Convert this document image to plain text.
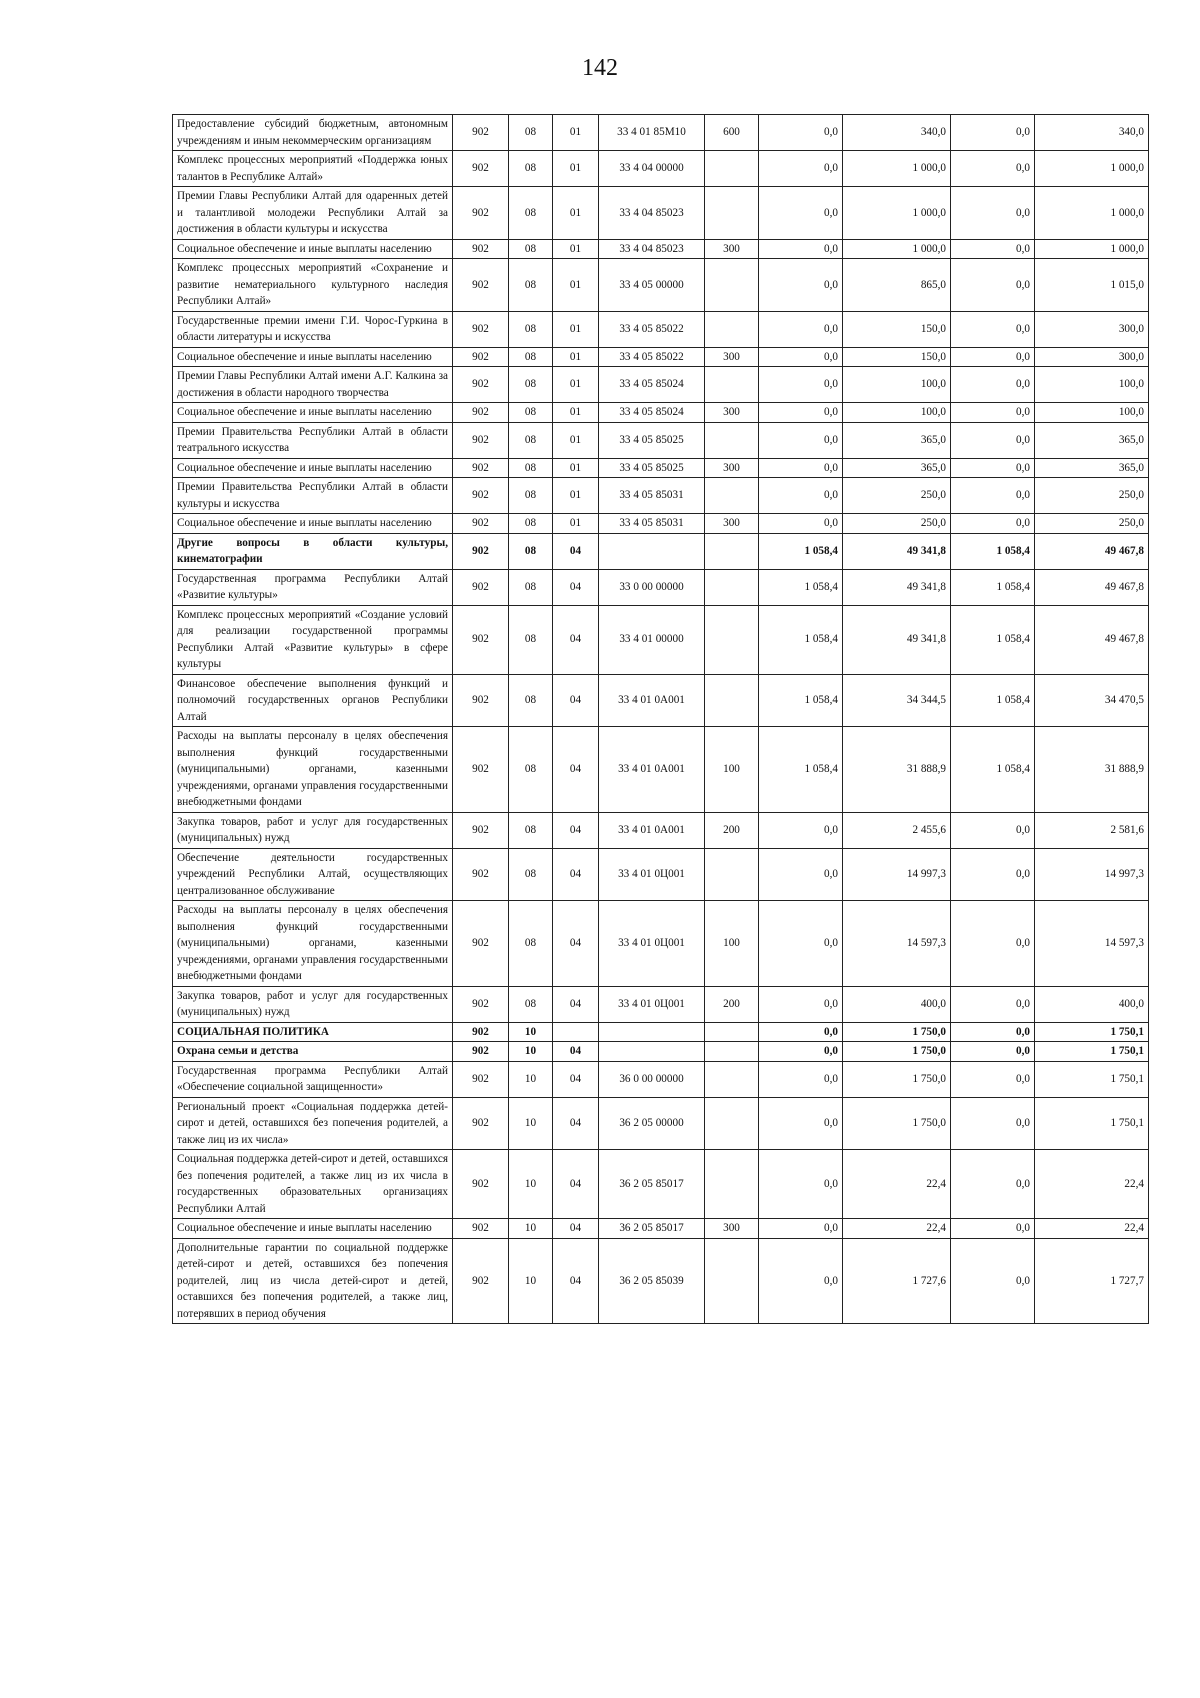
142
Предоставление субсидий бюджетным, автономным учреждениям и иным некоммерческим организациям	902	08	01	33 4 01 85М10	600	0,0	340,0	0,0	340,0
Комплекс процессных мероприятий «Поддержка юных талантов в Республике Алтай»	902	08	01	33 4 04 00000		0,0	1 000,0	0,0	1 000,0
Премии Главы Республики Алтай для одаренных детей и талантливой молодежи Республики Алтай за достижения в области культуры и искусства	902	08	01	33 4 04 85023		0,0	1 000,0	0,0	1 000,0
Социальное обеспечение и иные выплаты населению	902	08	01	33 4 04 85023	300	0,0	1 000,0	0,0	1 000,0
Комплекс процессных мероприятий «Сохранение и развитие нематериального культурного наследия Республики Алтай»	902	08	01	33 4 05 00000		0,0	865,0	0,0	1 015,0
Государственные премии имени Г.И. Чорос-Гуркина в области литературы и искусства	902	08	01	33 4 05 85022		0,0	150,0	0,0	300,0
Социальное обеспечение и иные выплаты населению	902	08	01	33 4 05 85022	300	0,0	150,0	0,0	300,0
Премии Главы Республики Алтай имени А.Г. Калкина за достижения в области народного творчества	902	08	01	33 4 05 85024		0,0	100,0	0,0	100,0
Социальное обеспечение и иные выплаты населению	902	08	01	33 4 05 85024	300	0,0	100,0	0,0	100,0
Премии Правительства Республики Алтай в области театрального искусства	902	08	01	33 4 05 85025		0,0	365,0	0,0	365,0
Социальное обеспечение и иные выплаты населению	902	08	01	33 4 05 85025	300	0,0	365,0	0,0	365,0
Премии Правительства Республики Алтай в области культуры и искусства	902	08	01	33 4 05 85031		0,0	250,0	0,0	250,0
Социальное обеспечение и иные выплаты населению	902	08	01	33 4 05 85031	300	0,0	250,0	0,0	250,0
Другие вопросы в области культуры, кинематографии	902	08	04			1 058,4	49 341,8	1 058,4	49 467,8
Государственная программа Республики Алтай «Развитие культуры»	902	08	04	33 0 00 00000		1 058,4	49 341,8	1 058,4	49 467,8
Комплекс процессных мероприятий «Создание условий для реализации государственной программы Республики Алтай «Развитие культуры» в сфере культуры	902	08	04	33 4 01 00000		1 058,4	49 341,8	1 058,4	49 467,8
Финансовое обеспечение выполнения функций и полномочий государственных органов Республики Алтай	902	08	04	33 4 01 0А001		1 058,4	34 344,5	1 058,4	34 470,5
Расходы на выплаты персоналу в целях обеспечения выполнения функций государственными (муниципальными) органами, казенными учреждениями, органами управления государственными внебюджетными фондами	902	08	04	33 4 01 0А001	100	1 058,4	31 888,9	1 058,4	31 888,9
Закупка товаров, работ и услуг для государственных (муниципальных) нужд	902	08	04	33 4 01 0А001	200	0,0	2 455,6	0,0	2 581,6
Обеспечение деятельности государственных учреждений Республики Алтай, осуществляющих централизованное обслуживание	902	08	04	33 4 01 0Ц001		0,0	14 997,3	0,0	14 997,3
Расходы на выплаты персоналу в целях обеспечения выполнения функций государственными (муниципальными) органами, казенными учреждениями, органами управления государственными внебюджетными фондами	902	08	04	33 4 01 0Ц001	100	0,0	14 597,3	0,0	14 597,3
Закупка товаров, работ и услуг для государственных (муниципальных) нужд	902	08	04	33 4 01 0Ц001	200	0,0	400,0	0,0	400,0
СОЦИАЛЬНАЯ ПОЛИТИКА	902	10				0,0	1 750,0	0,0	1 750,1
Охрана семьи и детства	902	10	04			0,0	1 750,0	0,0	1 750,1
Государственная программа Республики Алтай «Обеспечение социальной защищенности»	902	10	04	36 0 00 00000		0,0	1 750,0	0,0	1 750,1
Региональный проект «Социальная поддержка детей-сирот и детей, оставшихся без попечения родителей, а также лиц из их числа»	902	10	04	36 2 05 00000		0,0	1 750,0	0,0	1 750,1
Социальная поддержка детей-сирот и детей, оставшихся без попечения родителей, а также лиц из их числа в государственных образовательных организациях Республики Алтай	902	10	04	36 2 05 85017		0,0	22,4	0,0	22,4
Социальное обеспечение и иные выплаты населению	902	10	04	36 2 05 85017	300	0,0	22,4	0,0	22,4
Дополнительные гарантии по социальной поддержке детей-сирот и детей, оставшихся без попечения родителей, лиц из числа детей-сирот и детей, оставшихся без попечения родителей, а также лиц, потерявших в период обучения	902	10	04	36 2 05 85039		0,0	1 727,6	0,0	1 727,7
